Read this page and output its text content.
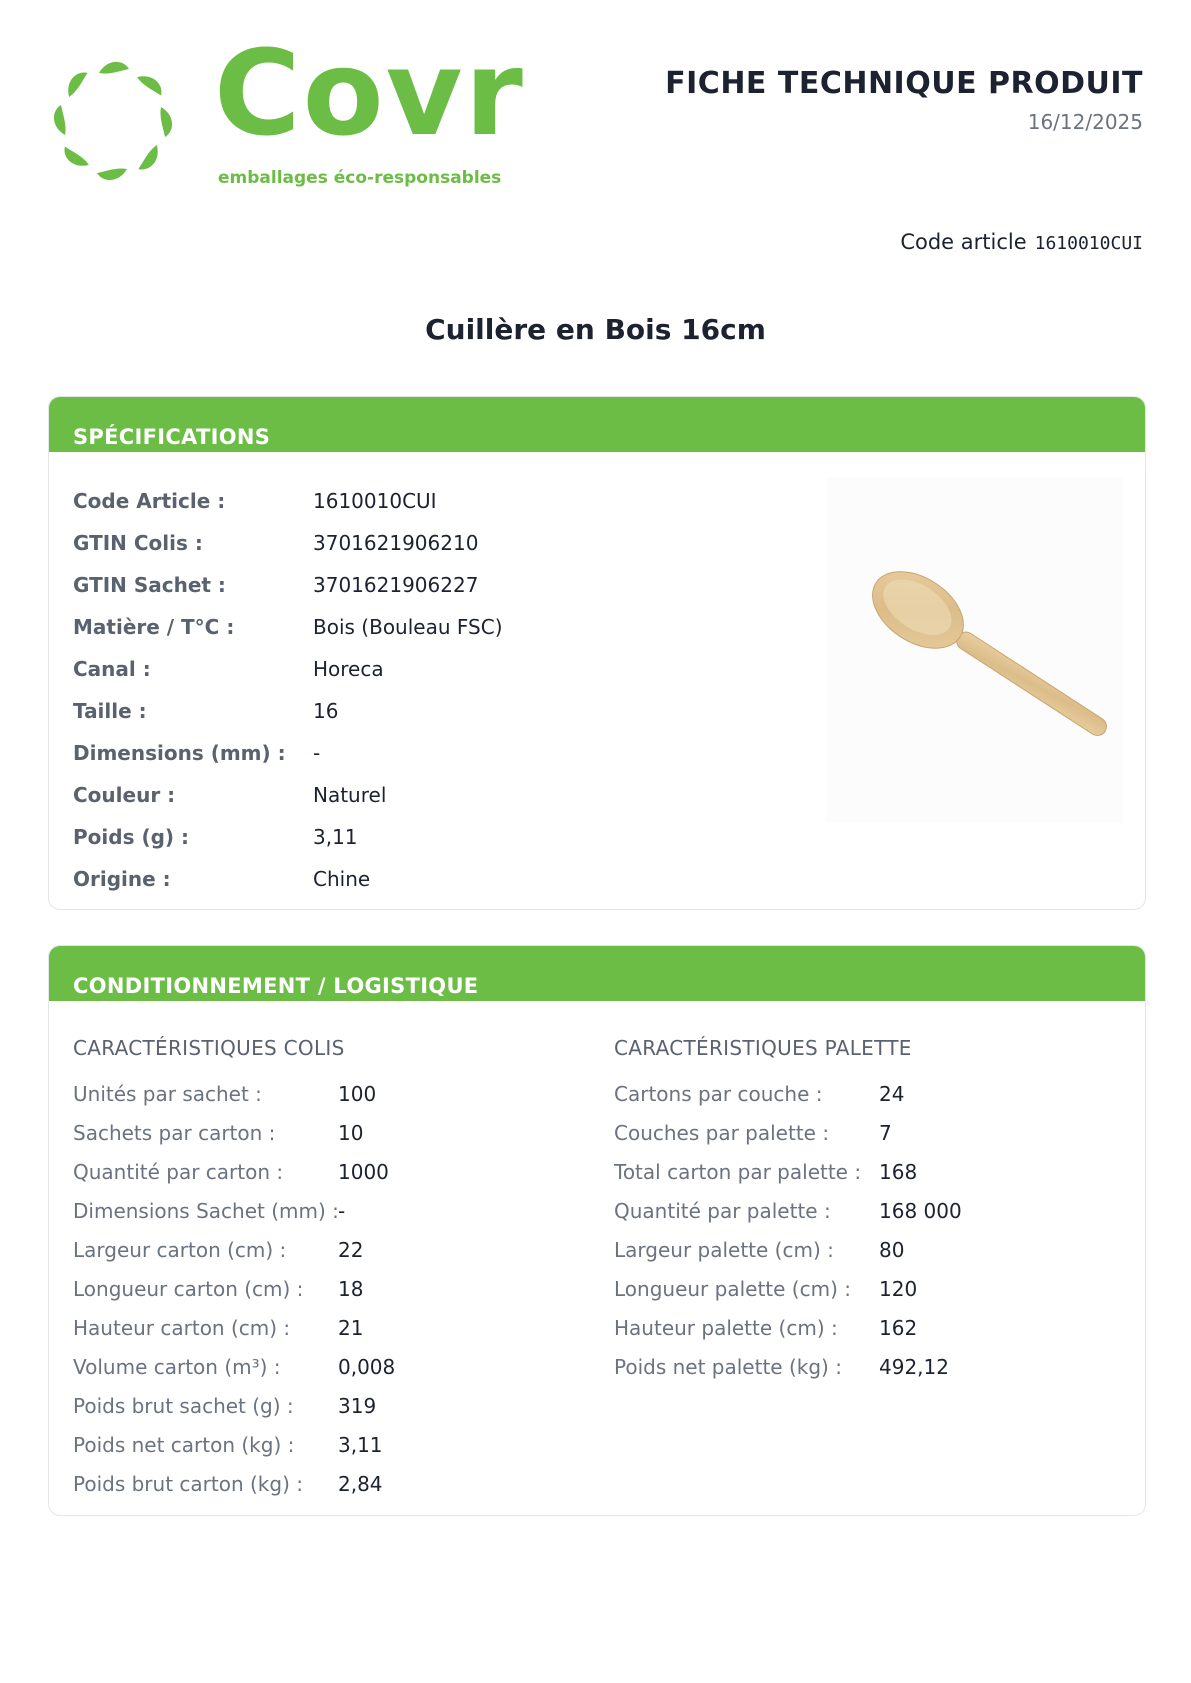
Covr
emballages éco-responsables
FICHE TECHNIQUE PRODUIT
16/12/2025
Code article 1610010CUI
Cuillère en Bois 16cm
SPÉCIFICATIONS
Code Article :	1610010CUI
GTIN Colis :	3701621906210
GTIN Sachet :	3701621906227
Matière / T°C :	Bois (Bouleau FSC)
Canal :	Horeca
Taille :	16
Dimensions (mm) :	-
Couleur :	Naturel
Poids (g) :	3,11
Origine :	Chine
CONDITIONNEMENT / LOGISTIQUE
CARACTÉRISTIQUES COLIS
Unités par sachet :	100
Sachets par carton :	10
Quantité par carton :	1000
Dimensions Sachet (mm) : -
Largeur carton (cm) :	22
Longueur carton (cm) : 18
Hauteur carton (cm) : 21
Volume carton (m³) :	0,008
Poids brut sachet (g) : 319
Poids net carton (kg) : 3,11
Poids brut carton (kg) : 2,84
CARACTÉRISTIQUES PALETTE
Cartons par couche :	24
Couches par palette : 7
Total carton par palette : 168
Quantité par palette : 168 000
Largeur palette (cm) : 80
Longueur palette (cm) : 120
Hauteur palette (cm) : 162
Poids net palette (kg) : 492,12
